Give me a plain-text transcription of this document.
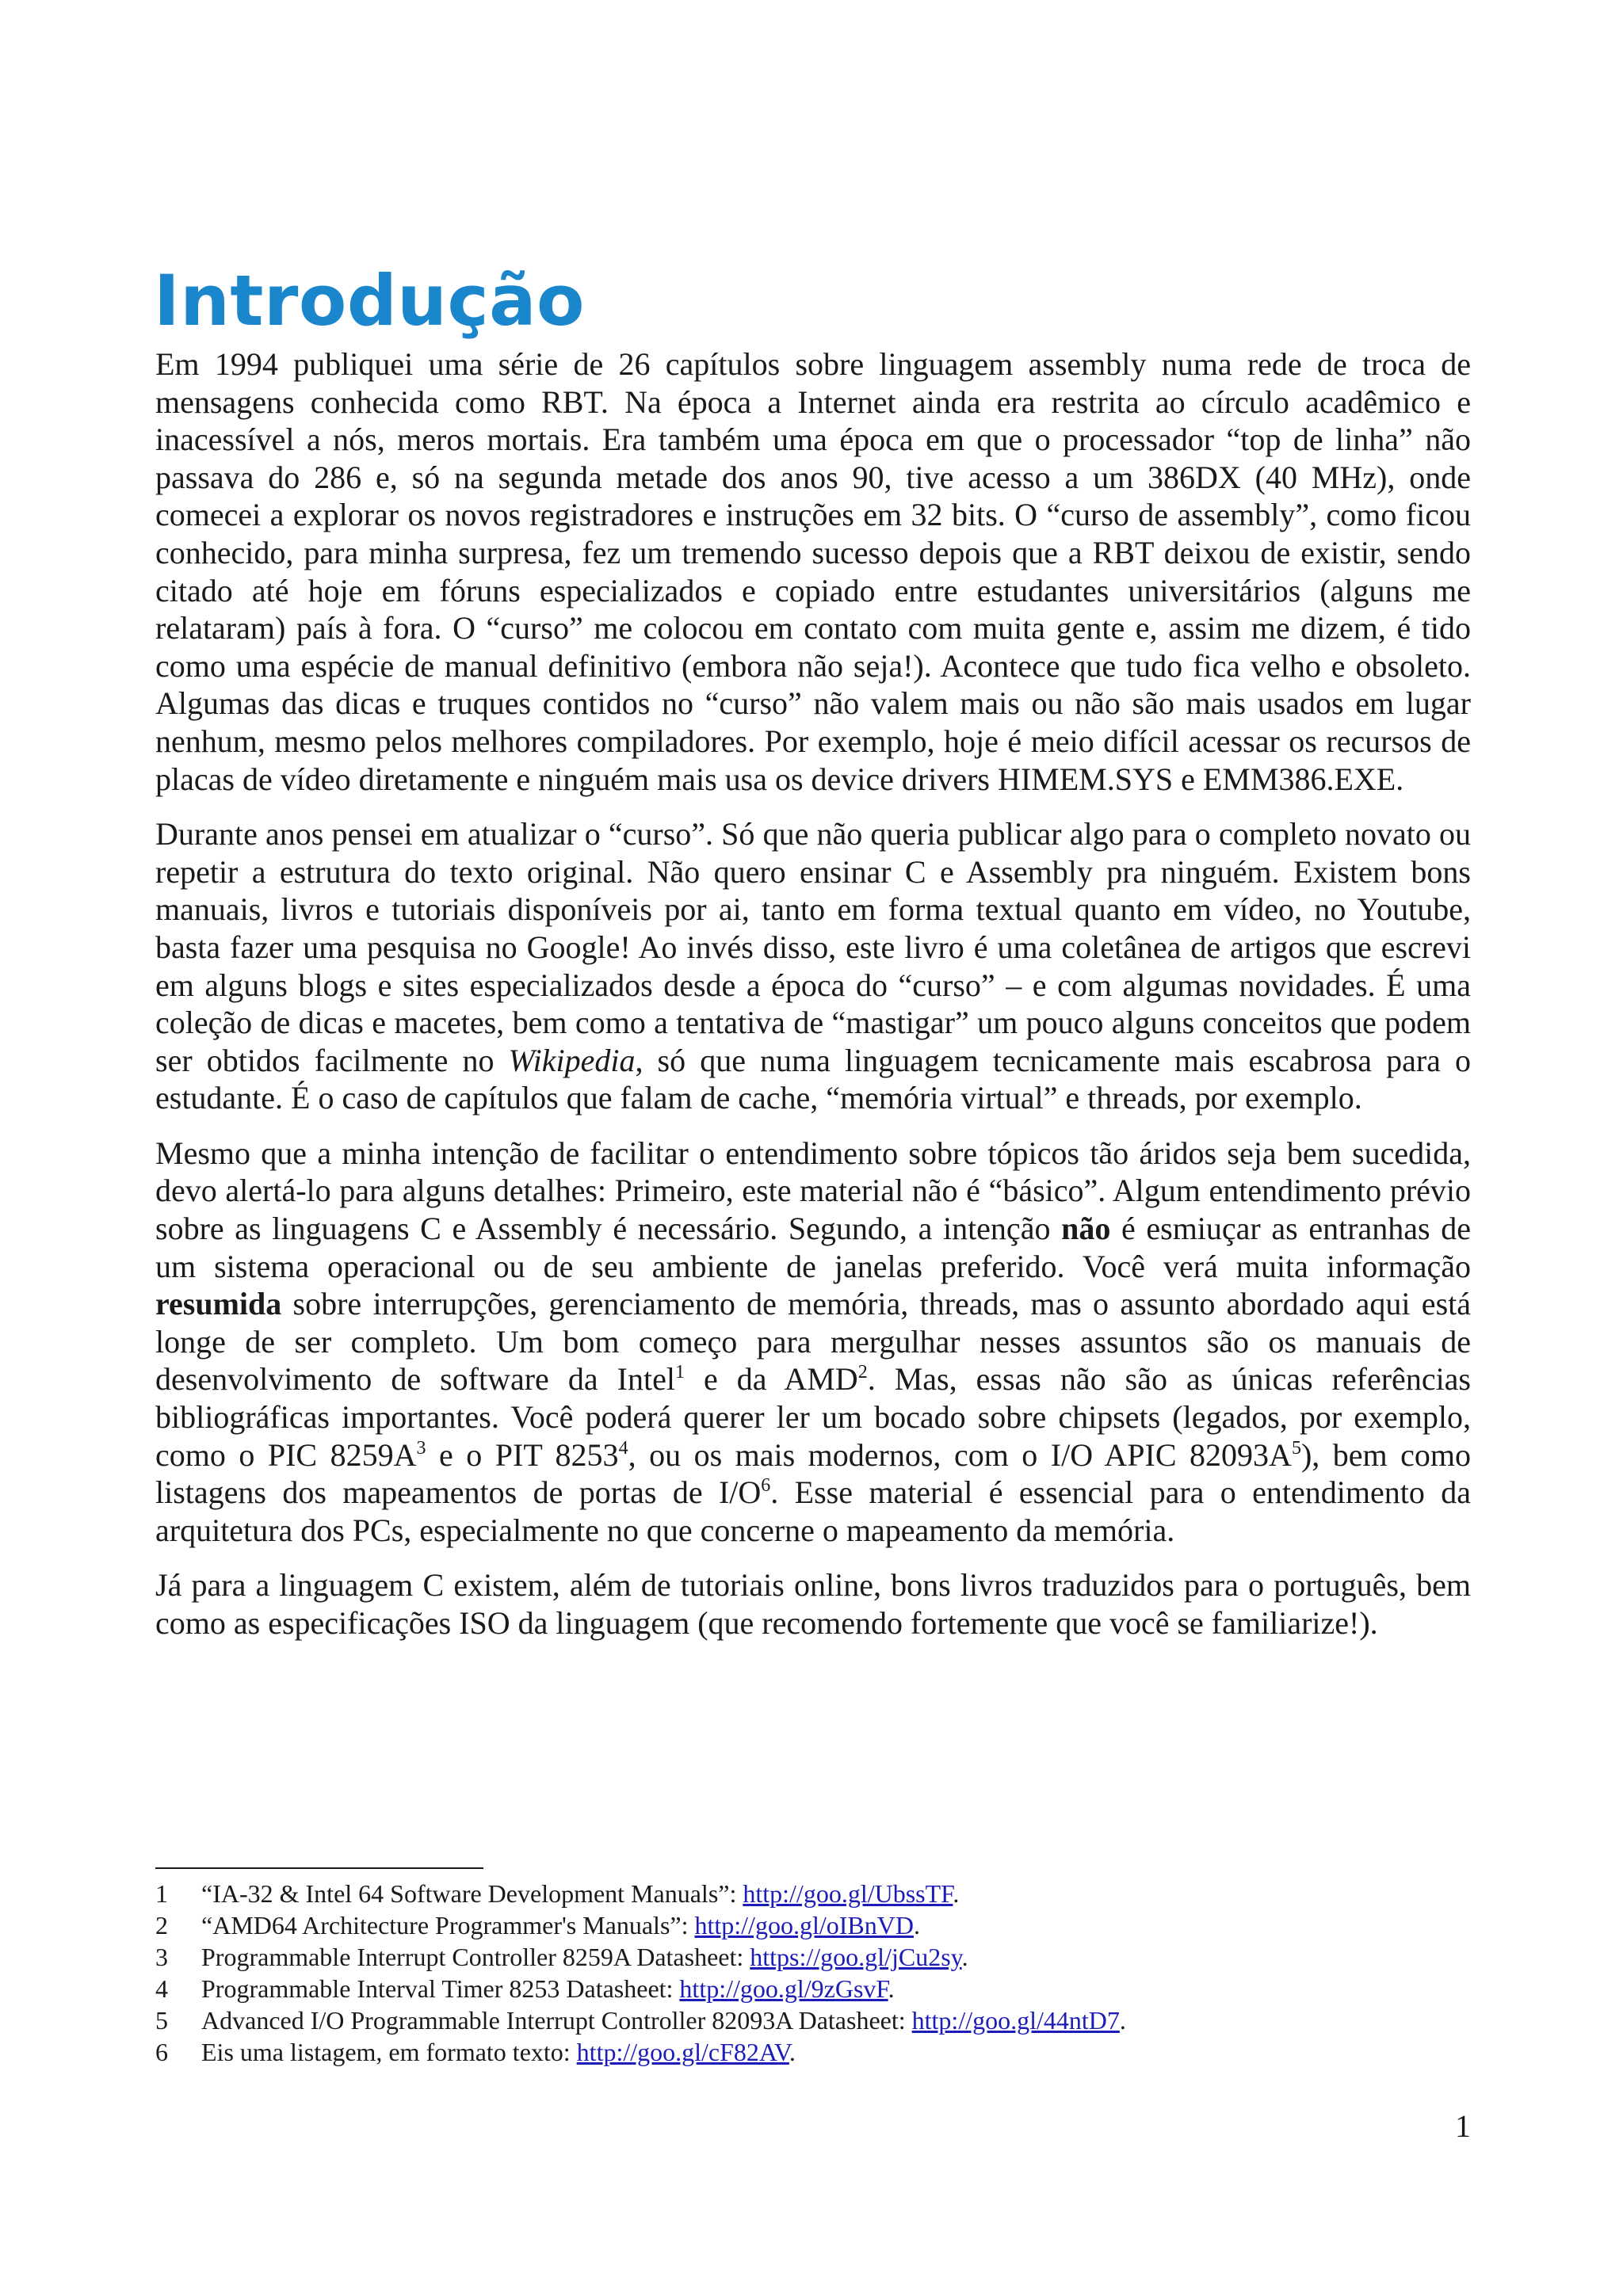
Introdução

Em 1994 publiquei uma série de 26 capítulos sobre linguagem assembly numa rede de troca de mensagens conhecida como RBT. Na época a Internet ainda era restrita ao círculo acadêmico e inacessível a nós, meros mortais. Era também uma época em que o processador “top de linha” não passava do 286 e, só na segunda metade dos anos 90, tive acesso a um 386DX (40 MHz), onde comecei a explorar os novos registradores e instruções em 32 bits. O “curso de assembly”, como ficou conhecido, para minha surpresa, fez um tremendo sucesso depois que a RBT deixou de existir, sendo citado até hoje em fóruns especializados e copiado entre estudantes universitários (alguns me relataram) país à fora. O “curso” me colocou em contato com muita gente e, assim me dizem, é tido como uma espécie de manual definitivo (embora não seja!). Acontece que tudo fica velho e obsoleto. Algumas das dicas e truques contidos no “curso” não valem mais ou não são mais usados em lugar nenhum, mesmo pelos melhores compiladores. Por exemplo, hoje é meio difícil acessar os recursos de placas de vídeo diretamente e ninguém mais usa os device drivers HIMEM.SYS e EMM386.EXE.

Durante anos pensei em atualizar o “curso”. Só que não queria publicar algo para o completo novato ou repetir a estrutura do texto original. Não quero ensinar C e Assembly pra ninguém. Existem bons manuais, livros e tutoriais disponíveis por ai, tanto em forma textual quanto em vídeo, no Youtube, basta fazer uma pesquisa no Google! Ao invés disso, este livro é uma coletânea de artigos que escrevi em alguns blogs e sites especializados desde a época do “curso” – e com algumas novidades. É uma coleção de dicas e macetes, bem como a tentativa de “mastigar” um pouco alguns conceitos que podem ser obtidos facilmente no Wikipedia, só que numa linguagem tecnicamente mais escabrosa para o estudante. É o caso de capítulos que falam de cache, “memória virtual” e threads, por exemplo.

Mesmo que a minha intenção de facilitar o entendimento sobre tópicos tão áridos seja bem sucedida, devo alertá-lo para alguns detalhes: Primeiro, este material não é “básico”. Algum entendimento prévio sobre as linguagens C e Assembly é necessário. Segundo, a intenção não é esmiuçar as entranhas de um sistema operacional ou de seu ambiente de janelas preferido. Você verá muita informação resumida sobre interrupções, gerenciamento de memória, threads, mas o assunto abordado aqui está longe de ser completo. Um bom começo para mergulhar nesses assuntos são os manuais de desenvolvimento de software da Intel$^1$ e da AMD$^2$. Mas, essas não são as únicas referências bibliográficas importantes. Você poderá querer ler um bocado sobre chipsets (legados, por exemplo, como o PIC $8259A^3$ e o PIT 8253$^4$, ou os mais modernos, com o I/O APIC $82093A^5$), bem como listagens dos mapeamentos de portas de $I/O^6$. Esse material é essencial para o entendimento da arquitetura dos PCs, especialmente no que concerne o mapeamento da memória.

Já para a linguagem C existem, além de tutoriais online, bons livros traduzidos para o português, bem como as especificações ISO da linguagem (que recomendo fortemente que você se familiarize!).

1	“IA-32 & Intel 64 Software Development Manuals”: http://goo.gl/UbssTF.
2	“AMD64 Architecture Programmer's Manuals”: http://goo.gl/oIBnVD.
3	Programmable Interrupt Controller 8259A Datasheet: https://goo.gl/jCu2sy.
4	Programmable Interval Timer 8253 Datasheet: http://goo.gl/9zGsvF.
5	Advanced I/O Programmable Interrupt Controller 82093A Datasheet: http://goo.gl/44ntD7.
6	Eis uma listagem, em formato texto: http://goo.gl/cF82AV.
1
